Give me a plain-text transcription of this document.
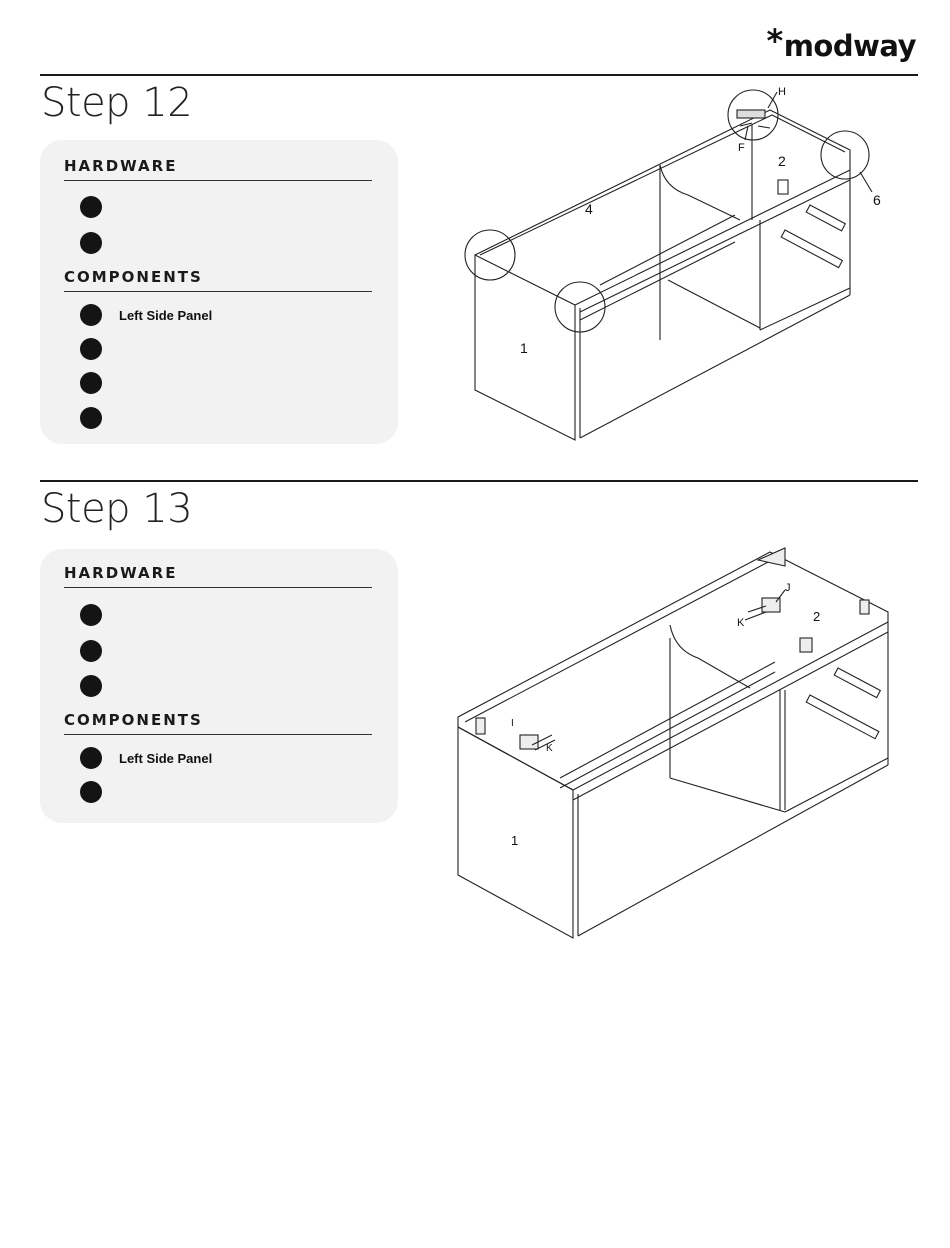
*modway
Step 12
HARDWARE
COMPONENTS
Left Side Panel
H
F
2
4
6
1
Step 13
HARDWARE
COMPONENTS
Left Side Panel
J
K	2
I
K
1
